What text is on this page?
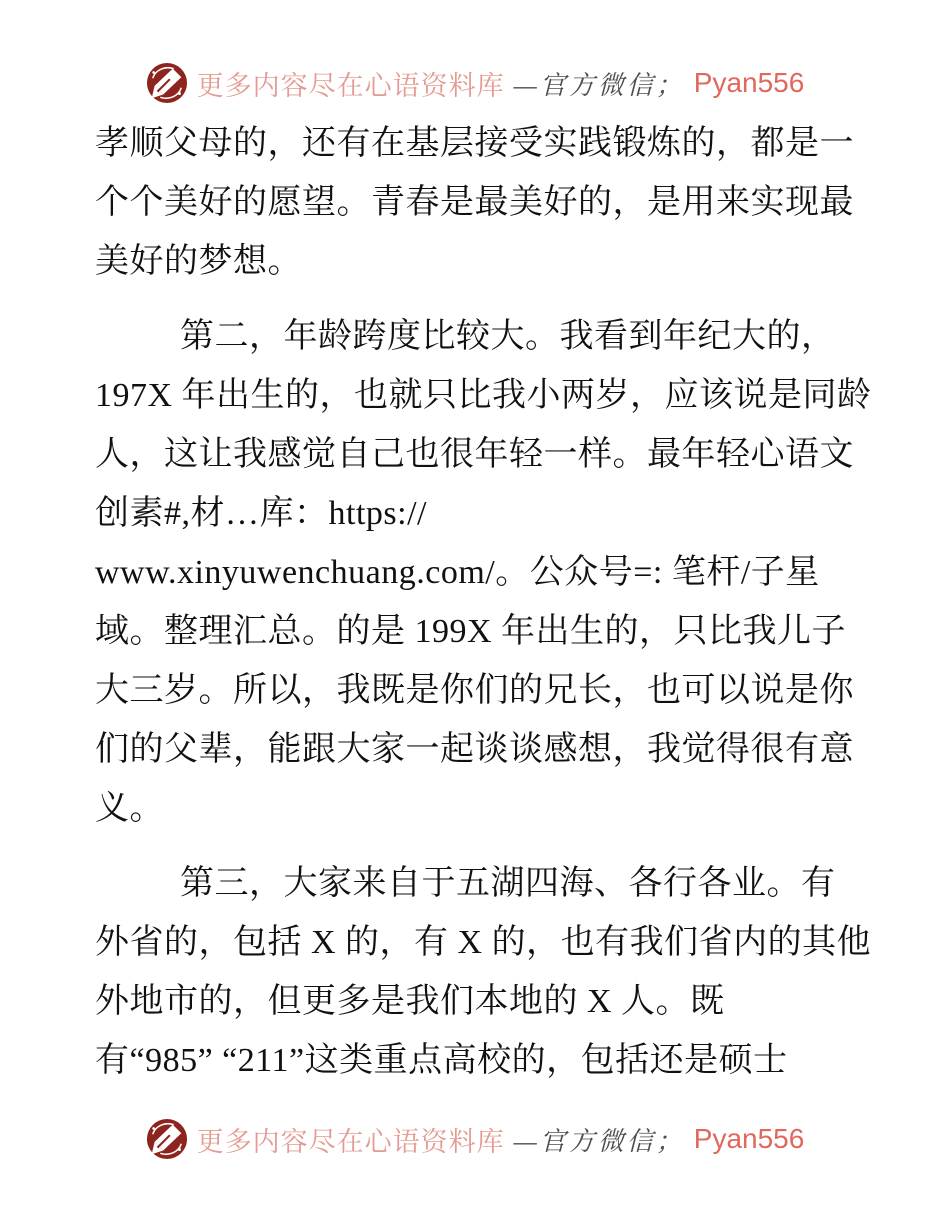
更多内容尽在心语资料库 —官方微信； Pyan556
孝顺父母的，还有在基层接受实践锻炼的，都是一
个个美好的愿望。青春是最美好的，是用来实现最
美好的梦想。
第二，年龄跨度比较大。我看到年纪大的，
197X 年出生的，也就只比我小两岁，应该说是同龄
人，这让我感觉自己也很年轻一样。最年轻心语文
创素#,材…库：https://
www.xinyuwenchuang.com/。公众号=: 笔杆/子星
域。整理汇总。的是 199X 年出生的，只比我儿子
大三岁。所以，我既是你们的兄长，也可以说是你
们的父辈，能跟大家一起谈谈感想，我觉得很有意
义。
第三，大家来自于五湖四海、各行各业。有
外省的，包括 X 的，有 X 的，也有我们省内的其他
外地市的，但更多是我们本地的 X 人。既
有“985” “211”这类重点高校的，包括还是硕士
更多内容尽在心语资料库 —官方微信； Pyan556
